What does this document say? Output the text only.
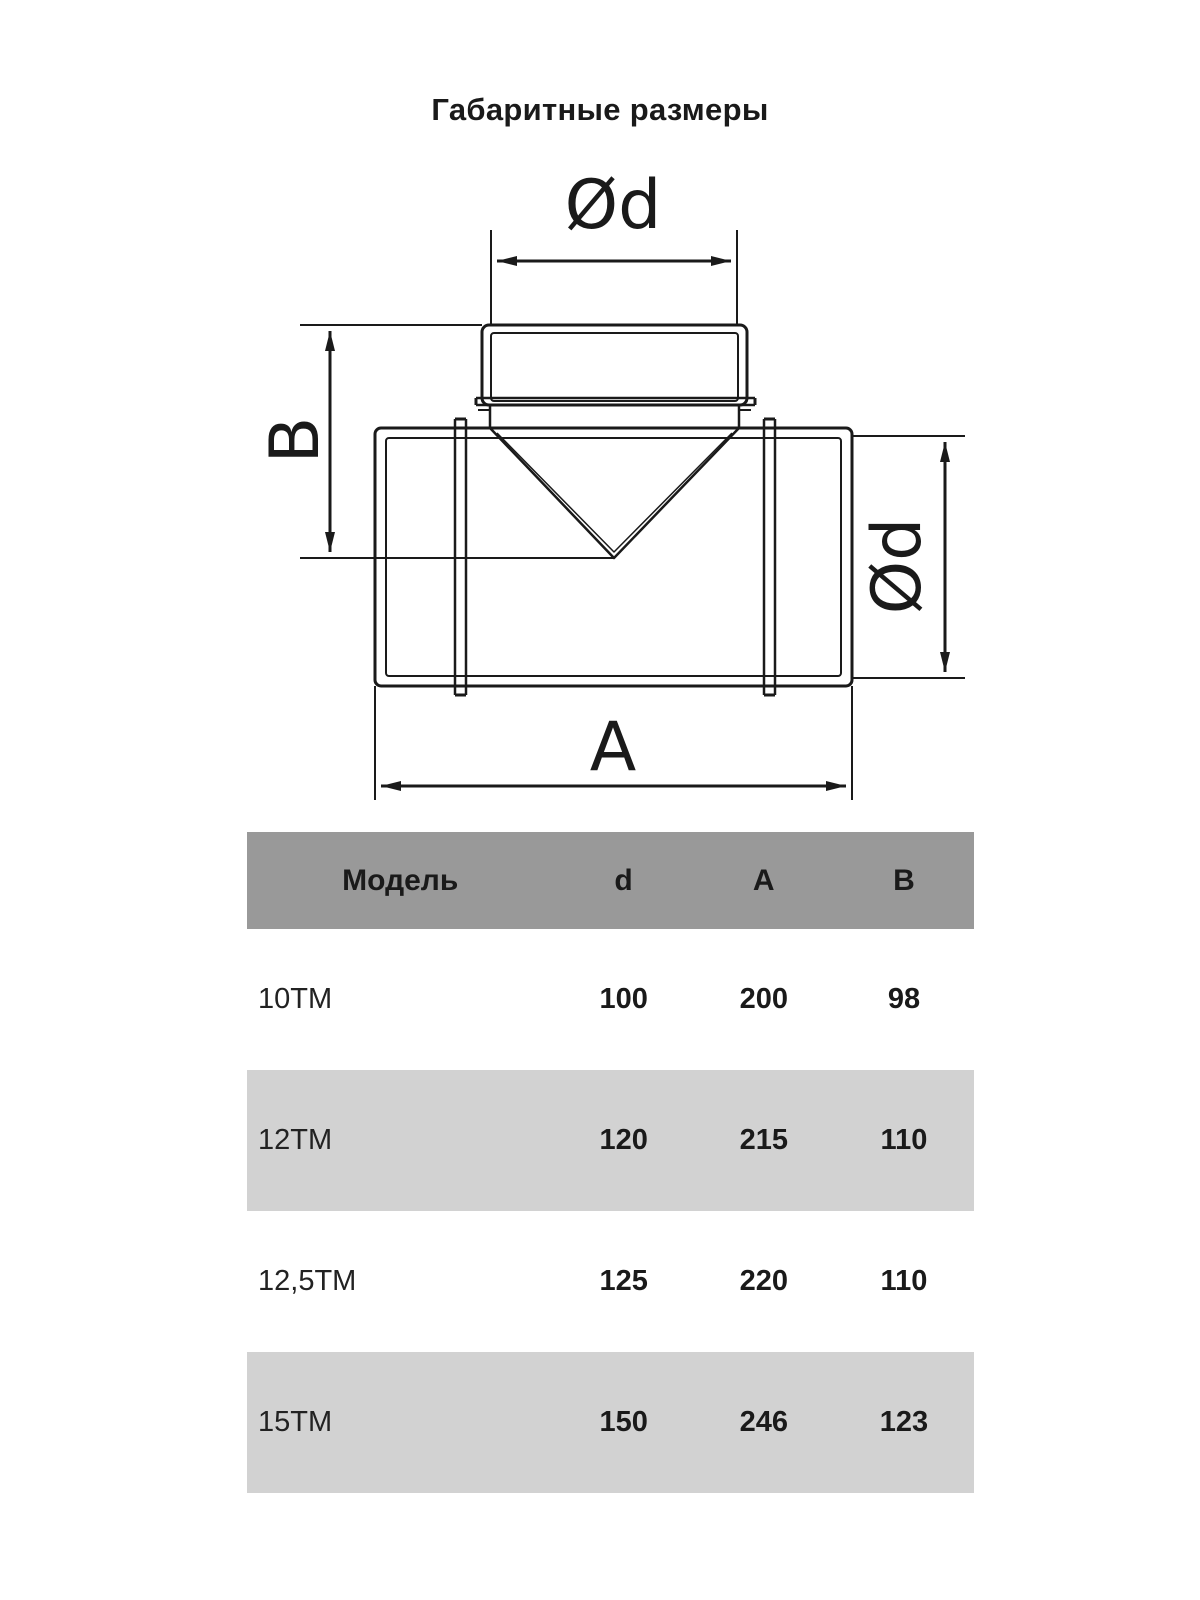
Габаритные размеры
Ød
Ød
B
A
Модель	d	A	B
10TM	100	200	98
12TM	120	215	110
12,5TM	125	220	110
15TM	150	246	123
